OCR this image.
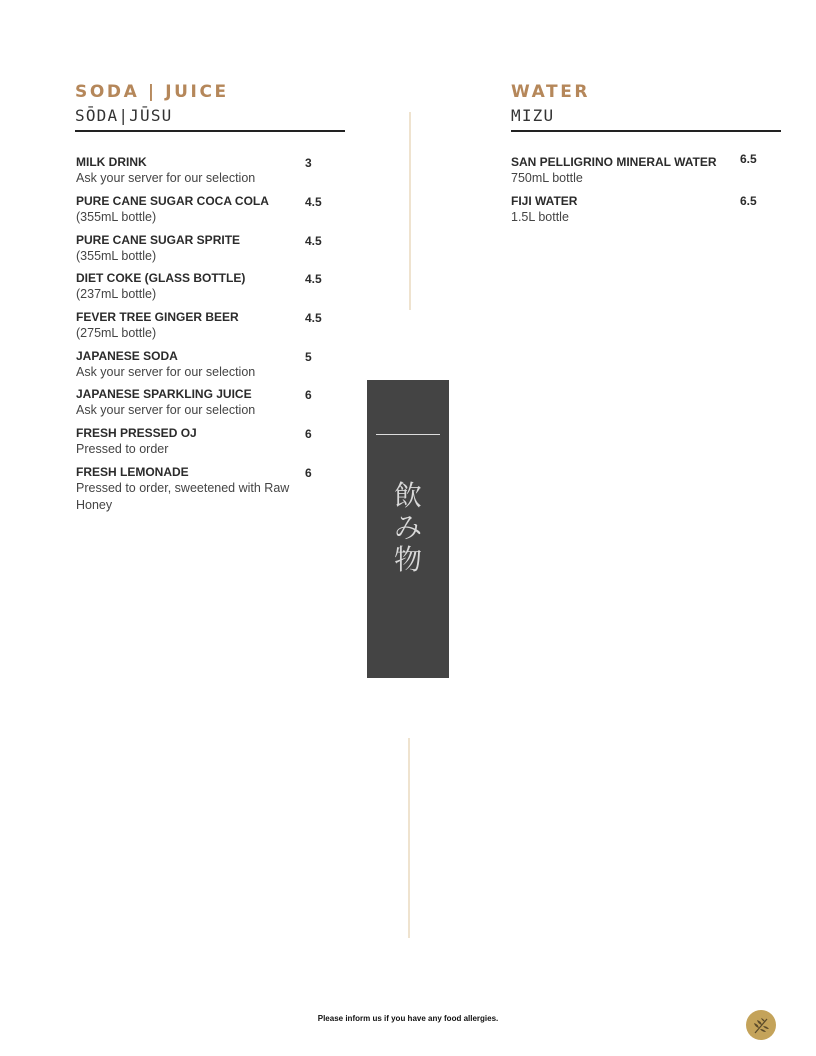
SODA | JUICE
SŌDA|JŪSU
MILK DRINK
Ask your server for our selection
3
PURE CANE SUGAR COCA COLA
(355mL bottle)
4.5
PURE CANE SUGAR SPRITE
(355mL bottle)
4.5
DIET COKE (GLASS BOTTLE)
(237mL bottle)
4.5
FEVER TREE GINGER BEER
(275mL bottle)
4.5
JAPANESE SODA
Ask your server for our selection
5
JAPANESE SPARKLING JUICE
Ask your server for our selection
6
FRESH PRESSED OJ
Pressed to order
6
FRESH LEMONADE
Pressed to order, sweetened with Raw Honey
6
飲
み
物
WATER
MIZU
SAN PELLIGRINO MINERAL WATER
750mL bottle
6.5
FIJI WATER
1.5L bottle
6.5
Please inform us if you have any food allergies.
